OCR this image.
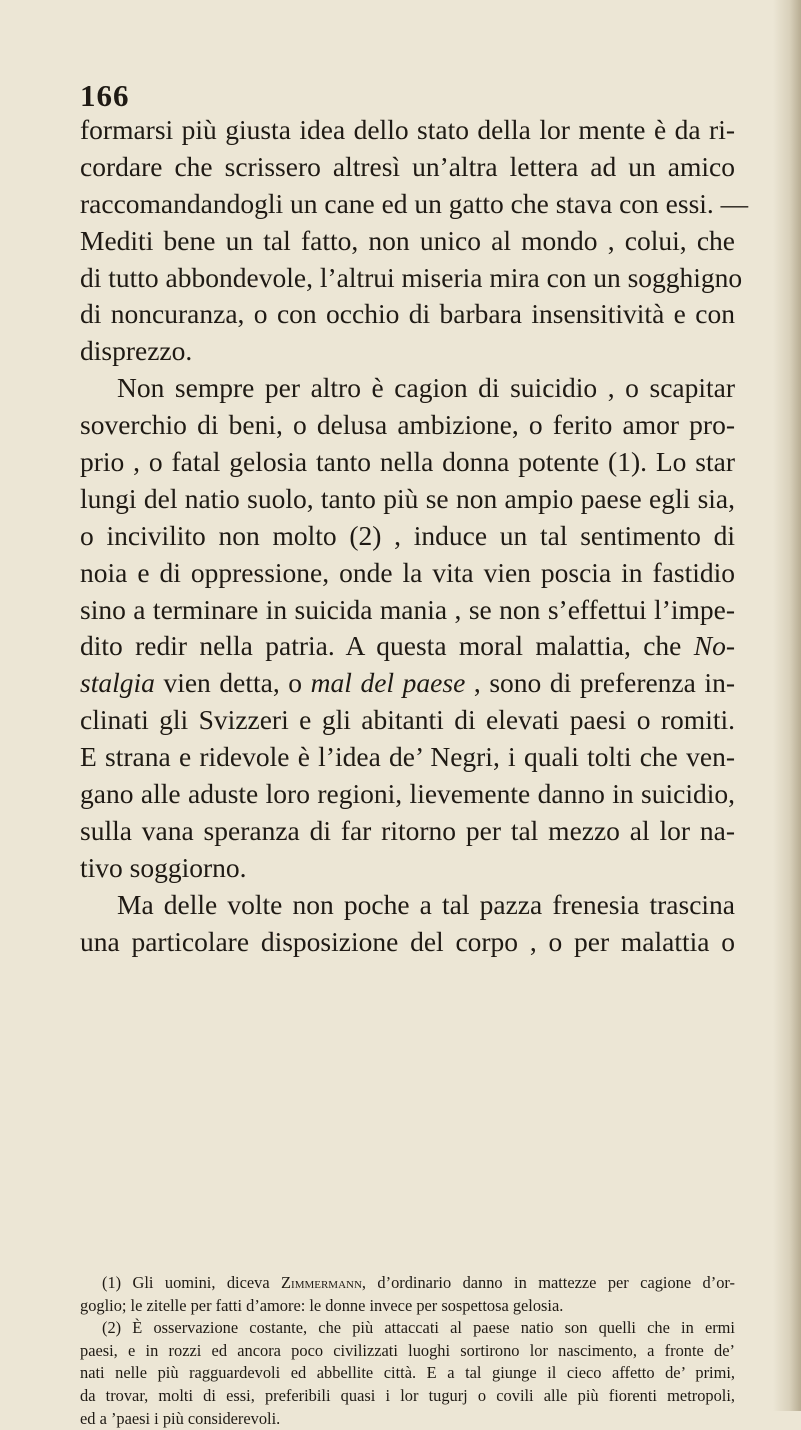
166
formarsi più giusta idea dello stato della lor mente è da ri-
cordare che scrissero altresì un’altra lettera ad un amico
raccomandandogli un cane ed un gatto che stava con essi. —
Mediti bene un tal fatto, non unico al mondo , colui, che
di tutto abbondevole, l’altrui miseria mira con un sogghigno
di noncuranza, o con occhio di barbara insensitività e con
disprezzo.
Non sempre per altro è cagion di suicidio , o scapitar
soverchio di beni, o delusa ambizione, o ferito amor pro-
prio , o fatal gelosia tanto nella donna potente (1). Lo star
lungi del natio suolo, tanto più se non ampio paese egli sia,
o incivilito non molto (2) , induce un tal sentimento di
noia e di oppressione, onde la vita vien poscia in fastidio
sino a terminare in suicida mania , se non s’effettui l’impe-
dito redir nella patria. A questa moral malattia, che No-
stalgia vien detta, o mal del paese , sono di preferenza in-
clinati gli Svizzeri e gli abitanti di elevati paesi o romiti.
E strana e ridevole è l’idea de’ Negri, i quali tolti che ven-
gano alle aduste loro regioni, lievemente danno in suicidio,
sulla vana speranza di far ritorno per tal mezzo al lor na-
tivo soggiorno.
Ma delle volte non poche a tal pazza frenesia trascina
una particolare disposizione del corpo , o per malattia o
(1) Gli uomini, diceva Zimmermann, d’ordinario danno in mattezze per cagione d’or-
goglio; le zitelle per fatti d’amore: le donne invece per sospettosa gelosia.
(2) È osservazione costante, che più attaccati al paese natio son quelli che in ermi
paesi, e in rozzi ed ancora poco civilizzati luoghi sortirono lor nascimento, a fronte de’
nati nelle più ragguardevoli ed abbellite città. E a tal giunge il cieco affetto de’ primi,
da trovar, molti di essi, preferibili quasi i lor tugurj o covili alle più fiorenti metropoli,
ed a ’paesi i più considerevoli.
